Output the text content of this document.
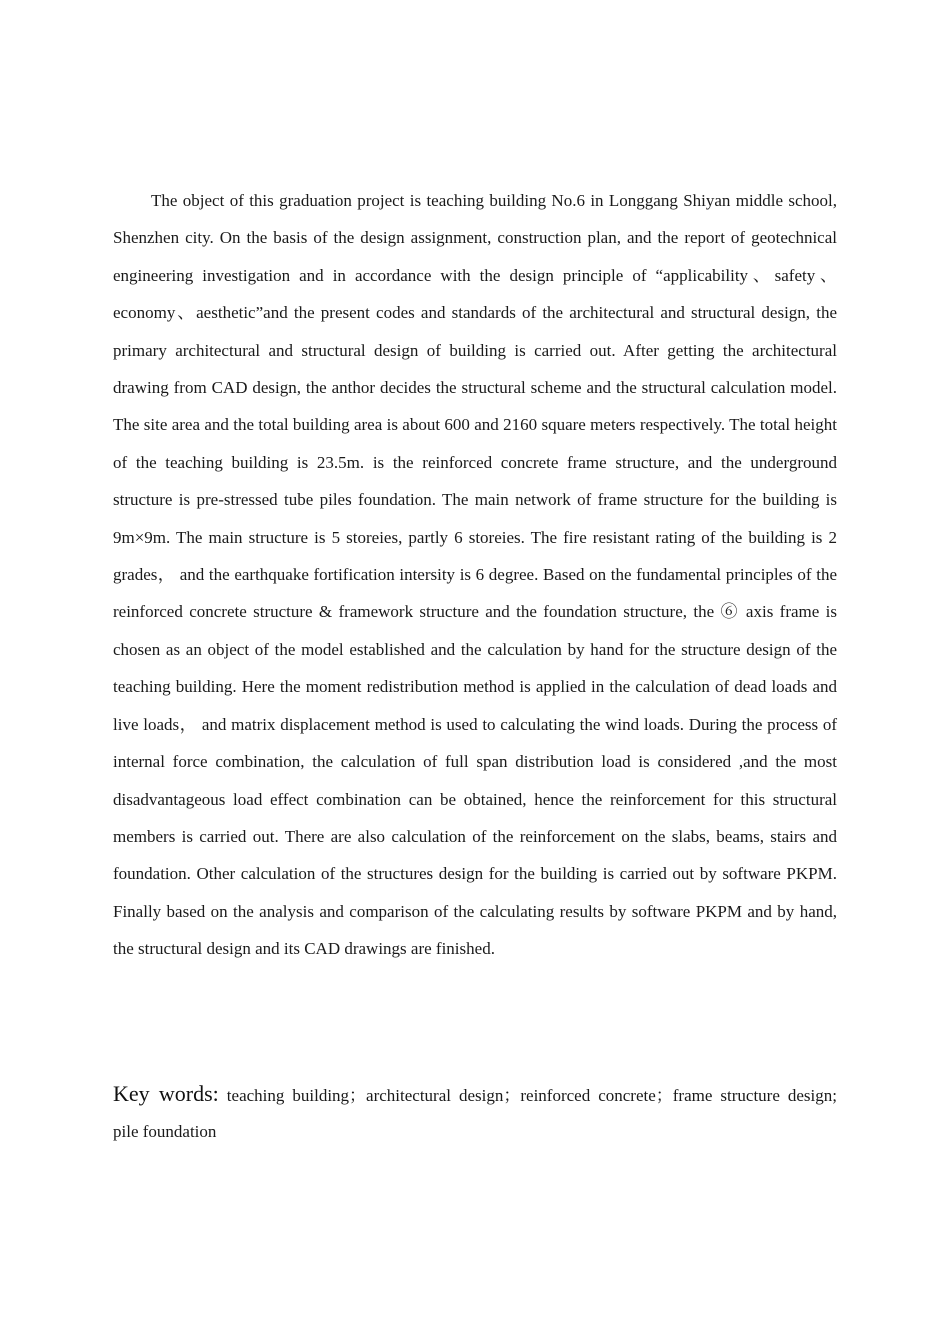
The object of this graduation project is teaching building No.6 in Longgang Shiyan middle school, Shenzhen city. On the basis of the design assignment, construction plan, and the report of geotechnical engineering investigation and in accordance with the design principle of “applicability、safety、economy、aesthetic”and the present codes and standards of the architectural and structural design, the primary architectural and structural design of building is carried out. After getting the architectural drawing from CAD design, the anthor decides the structural scheme and the structural calculation model. The site area and the total building area is about 600 and 2160 square meters respectively. The total height of the teaching building is 23.5m. is the reinforced concrete frame structure, and the underground structure is pre-stressed tube piles foundation. The main network of frame structure for the building is 9m×9m. The main structure is 5 storeies, partly 6 storeies. The fire resistant rating of the building is 2 grades， and the earthquake fortification intersity is 6 degree. Based on the fundamental principles of the reinforced concrete structure & framework structure and the foundation structure, the ⑥ axis frame is chosen as an object of the model established and the calculation by hand for the structure design of the teaching building. Here the moment redistribution method is applied in the calculation of dead loads and live loads， and matrix displacement method is used to calculating the wind loads. During the process of internal force combination, the calculation of full span distribution load is considered ,and the most disadvantageous load effect combination can be obtained, hence the reinforcement for this structural members is carried out. There are also calculation of the reinforcement on the slabs, beams, stairs and foundation. Other calculation of the structures design for the building is carried out by software PKPM. Finally based on the analysis and comparison of the calculating results by software PKPM and by hand, the structural design and its CAD drawings are finished.

Key words: teaching building；architectural design；reinforced concrete；frame structure design; pile foundation
